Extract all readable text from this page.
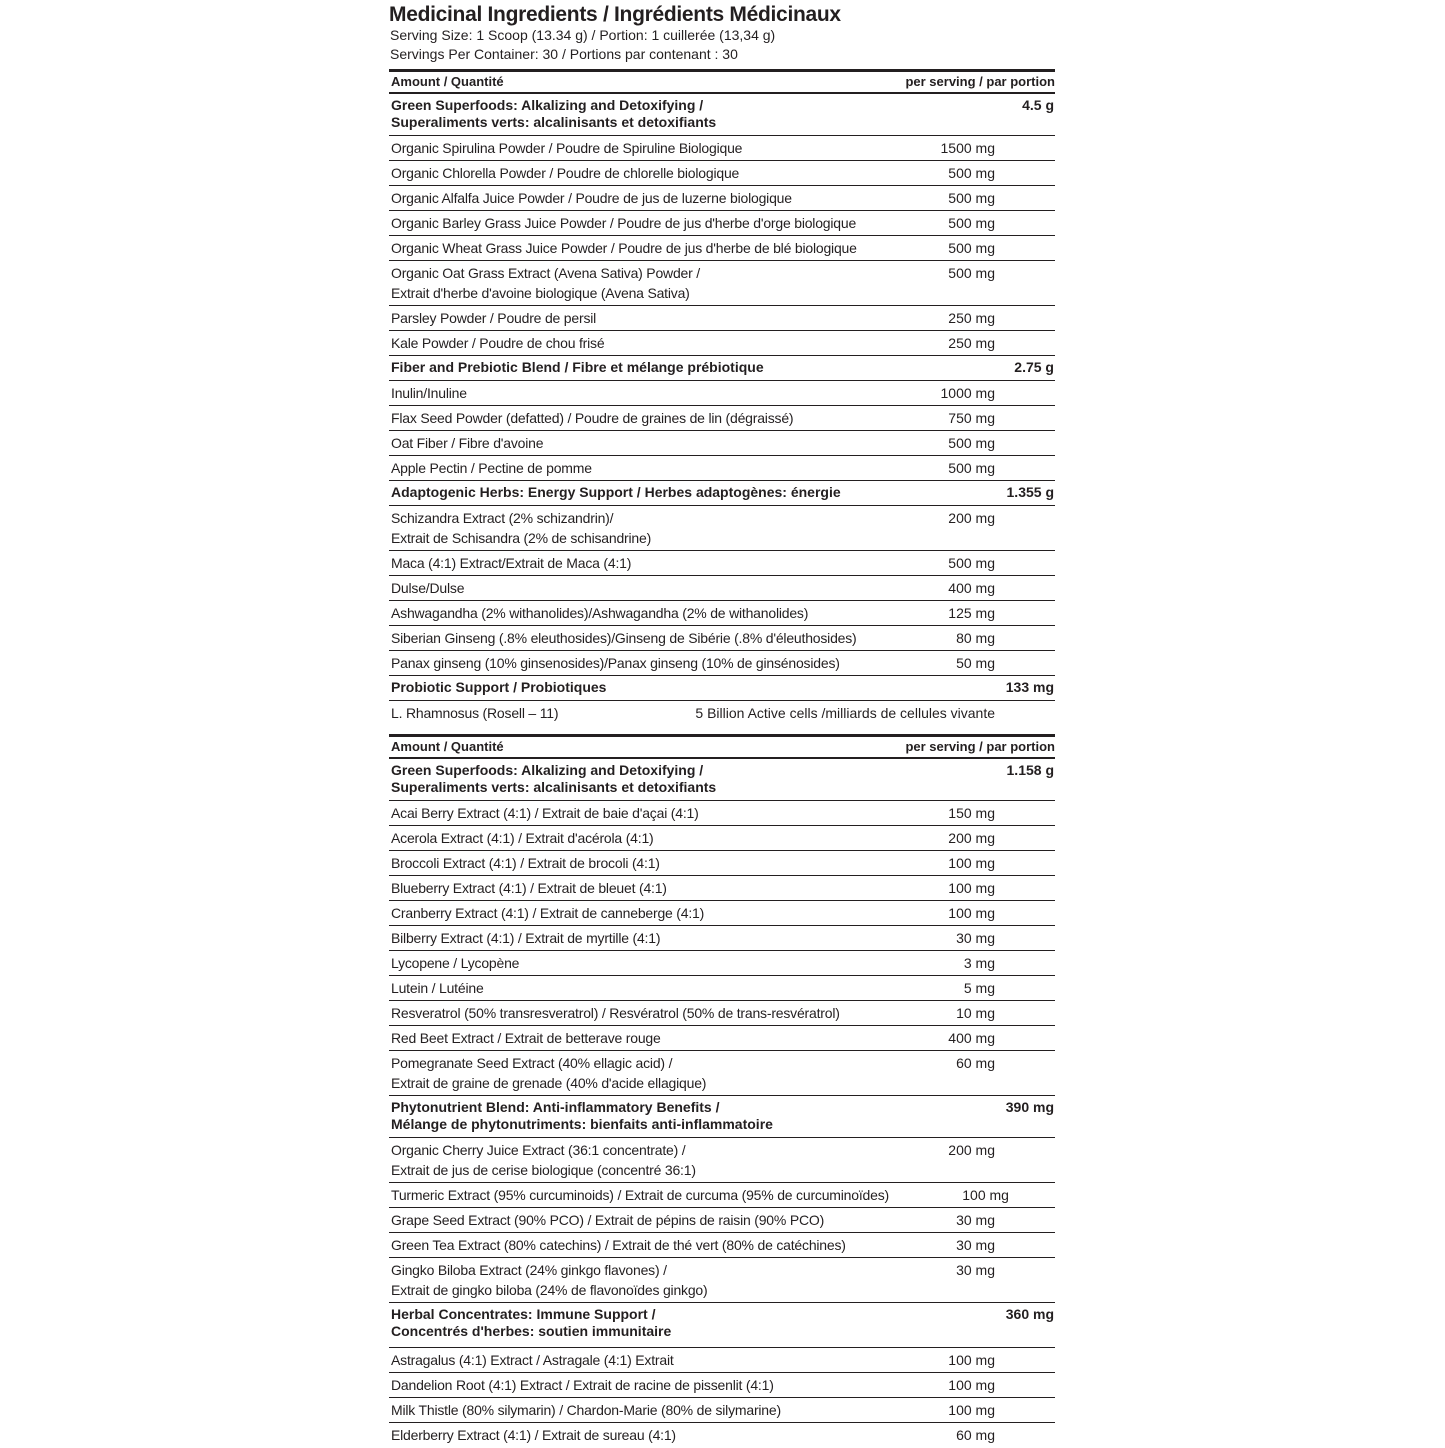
Medicinal Ingredients / Ingrédients Médicinaux
Serving Size: 1 Scoop (13.34 g) / Portion: 1 cuillerée (13,34 g)
Servings Per Container: 30 / Portions par contenant : 30
Amount / Quantité	per serving / par portion
Green Superfoods: Alkalizing and Detoxifying /
Superaliments verts: alcalinisants et detoxifiants
4.5 g
Organic Spirulina Powder / Poudre de Spiruline Biologique	1500 mg
Organic Chlorella Powder / Poudre de chlorelle biologique	500 mg
Organic Alfalfa Juice Powder / Poudre de jus de luzerne biologique	500 mg
Organic Barley Grass Juice Powder / Poudre de jus d'herbe d'orge biologique	500 mg
Organic Wheat Grass Juice Powder / Poudre de jus d'herbe de blé biologique	500 mg
Organic Oat Grass Extract (Avena Sativa) Powder /
Extrait d'herbe d'avoine biologique (Avena Sativa)
500 mg
Parsley Powder / Poudre de persil	250 mg
Kale Powder / Poudre de chou frisé	250 mg
Fiber and Prebiotic Blend / Fibre et mélange prébiotique	2.75 g
Inulin/Inuline	1000 mg
Flax Seed Powder (defatted) / Poudre de graines de lin (dégraissé)	750 mg
Oat Fiber / Fibre d'avoine	500 mg
Apple Pectin / Pectine de pomme	500 mg
Adaptogenic Herbs: Energy Support / Herbes adaptogènes: énergie	1.355 g
Schizandra Extract (2% schizandrin)/
Extrait de Schisandra (2% de schisandrine)
200 mg
Maca (4:1) Extract/Extrait de Maca (4:1)	500 mg
Dulse/Dulse	400 mg
Ashwagandha (2% withanolides)/Ashwagandha (2% de withanolides)	125 mg
Siberian Ginseng (.8% eleuthosides)/Ginseng de Sibérie (.8% d'éleuthosides)	80 mg
Panax ginseng (10% ginsenosides)/Panax ginseng (10% de ginsénosides)	50 mg
Probiotic Support / Probiotiques	133 mg
L. Rhamnosus (Rosell – 11)	5 Billion Active cells /milliards de cellules vivante
Amount / Quantité	per serving / par portion
Green Superfoods: Alkalizing and Detoxifying /
Superaliments verts: alcalinisants et detoxifiants
1.158 g
Acai Berry Extract (4:1) / Extrait de baie d'açai (4:1)	150 mg
Acerola Extract (4:1) / Extrait d'acérola (4:1)	200 mg
Broccoli Extract (4:1) / Extrait de brocoli (4:1)	100 mg
Blueberry Extract (4:1) / Extrait de bleuet (4:1)	100 mg
Cranberry Extract (4:1) / Extrait de canneberge (4:1)	100 mg
Bilberry Extract (4:1) / Extrait de myrtille (4:1)	30 mg
Lycopene / Lycopène	3 mg
Lutein / Lutéine	5 mg
Resveratrol (50% transresveratrol) / Resvératrol (50% de trans-resvératrol)	10 mg
Red Beet Extract / Extrait de betterave rouge	400 mg
Pomegranate Seed Extract (40% ellagic acid) /
Extrait de graine de grenade (40% d'acide ellagique)
60 mg
Phytonutrient Blend: Anti-inflammatory Benefits /
Mélange de phytonutriments: bienfaits anti-inflammatoire
390 mg
Organic Cherry Juice Extract (36:1 concentrate) /
Extrait de jus de cerise biologique (concentré 36:1)
200 mg
Turmeric Extract (95% curcuminoids) / Extrait de curcuma (95% de curcuminoïdes)	100 mg
Grape Seed Extract (90% PCO) / Extrait de pépins de raisin (90% PCO)	30 mg
Green Tea Extract (80% catechins) / Extrait de thé vert (80% de catéchines)	30 mg
Gingko Biloba Extract (24% ginkgo flavones) /
Extrait de gingko biloba (24% de flavonoïdes ginkgo)
30 mg
Herbal Concentrates: Immune Support /
Concentrés d'herbes: soutien immunitaire
360 mg
Astragalus (4:1) Extract / Astragale (4:1) Extrait	100 mg
Dandelion Root (4:1) Extract / Extrait de racine de pissenlit (4:1)	100 mg
Milk Thistle (80% silymarin) / Chardon-Marie (80% de silymarine)	100 mg
Elderberry Extract (4:1) / Extrait de sureau (4:1)	60 mg
